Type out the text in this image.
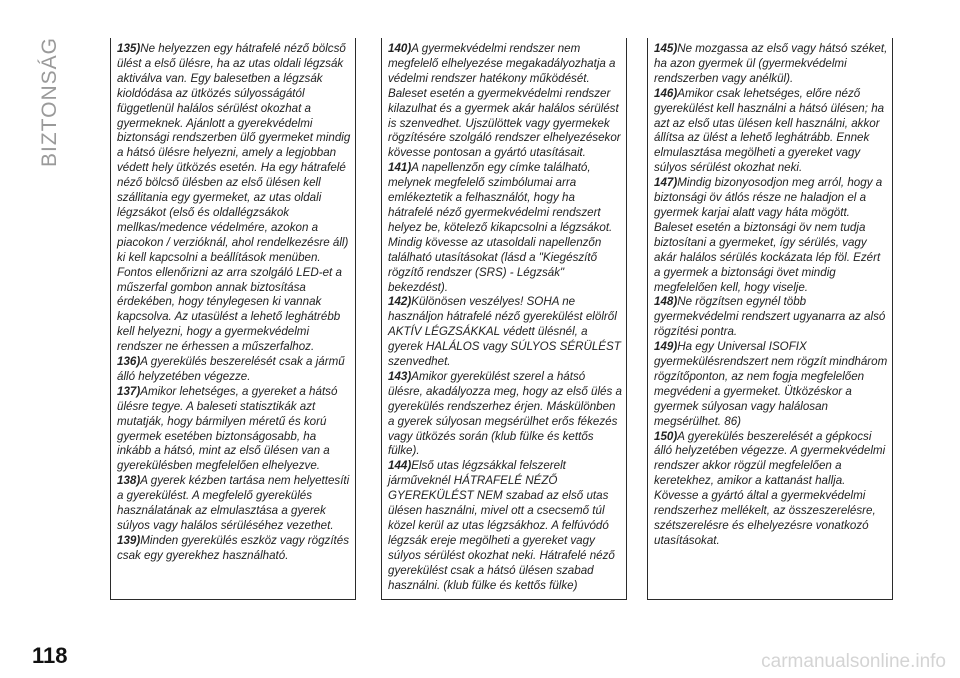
BIZTONSÁG	135)Ne helyezzen egy hátrafelé néző bölcső ülést a első ülésre, ha az utas oldali légzsák aktiválva van. Egy balesetben a légzsák kioldódása az ütközés súlyosságától függetlenül halálos sérülést okozhat a gyermeknek. Ajánlott a gyerekvédelmi biztonsági rendszerben ülő gyermeket mindig a hátsó ülésre helyezni, amely a legjobban védett hely ütközés esetén. Ha egy hátrafelé néző bölcső ülésben az első ülésen kell szállitania egy gyermeket, az utas oldali légzsákot (első és oldallégzsákok mellkas/medence védelmére, azokon a piacokon / verzióknál, ahol rendelkezésre áll) ki kell kapcsolni a beállítások menüben. Fontos ellenőrizni az arra szolgáló LED-et a műszerfal gombon annak biztosítása érdekében, hogy ténylegesen ki vannak kapcsolva. Az utasülést a lehető leghátrébb kell helyezni, hogy a gyermekvédelmi rendszer ne érhessen a műszerfalhoz.

136)A gyerekülés beszerelését csak a jármű álló helyzetében végezze.

137)Amikor lehetséges, a gyereket a hátsó ülésre tegye. A baleseti statisztikák azt mutatják, hogy bármilyen méretű és korú gyermek esetében biztonságosabb, ha inkább a hátsó, mint az első ülésen van a gyerekülésben megfelelően elhelyezve.

138)A gyerek kézben tartása nem helyettesíti a gyerekülést. A megfelelő gyerekülés használatának az elmulasztása a gyerek súlyos vagy halálos sérüléséhez vezethet.

139)Minden gyerekülés eszköz vagy rögzítés csak egy gyerekhez használható.

140)A gyermekvédelmi rendszer nem megfelelő elhelyezése megakadályozhatja a védelmi rendszer hatékony működését. Baleset esetén a gyermekvédelmi rendszer kilazulhat és a gyermek akár halálos sérülést is szenvedhet. Ujszülöttek vagy gyermekek rögzítésére szolgáló rendszer elhelyezésekor kövesse pontosan a gyártó utasításait.

141)A napellenzőn egy címke található, melynek megfelelő szimbólumai arra emlékeztetik a felhasználót, hogy ha hátrafelé néző gyermekvédelmi rendszert helyez be, kötelező kikapcsolni a légzsákot. Mindig kövesse az utasoldali napellenzőn található utasításokat (lásd a "Kiegészítő rögzítő rendszer (SRS) - Légzsák" bekezdést).

142)Különösen veszélyes! SOHA ne használjon hátrafelé néző gyerekülést elölről AKTÍV LÉGZSÁKKAL védett ülésnél, a gyerek HALÁLOS vagy SÚLYOS SÉRÜLÉST szenvedhet.

143)Amikor gyerekülést szerel a hátsó ülésre, akadályozza meg, hogy az első ülés a gyerekülés rendszerhez érjen. Máskülönben a gyerek súlyosan megsérülhet erős fékezés vagy ütközés során (klub fülke és kettős fülke).

144)Első utas légzsákkal felszerelt járműveknél HÁTRAFELÉ NÉZŐ GYEREKÜLÉST NEM szabad az első utas ülésen használni, mivel ott a csecsemő túl közel kerül az utas légzsákhoz. A felfúvódó légzsák ereje megölheti a gyereket vagy súlyos sérülést okozhat neki. Hátrafelé néző gyerekülést csak a hátsó ülésen szabad használni. (klub fülke és kettős fülke)

145)Ne mozgassa az első vagy hátsó széket, ha azon gyermek ül (gyermekvédelmi rendszerben vagy anélkül).

146)Amikor csak lehetséges, előre néző gyerekülést kell használni a hátsó ülésen; ha azt az első utas ülésen kell használni, akkor állítsa az ülést a lehető leghátrább. Ennek elmulasztása megölheti a gyereket vagy súlyos sérülést okozhat neki.

147)Mindig bizonyosodjon meg arról, hogy a biztonsági öv átlós része ne haladjon el a gyermek karjai alatt vagy háta mögött. Baleset esetén a biztonsági öv nem tudja biztosítani a gyermeket, így sérülés, vagy akár halálos sérülés kockázata lép föl. Ezért a gyermek a biztonsági övet mindig megfelelően kell, hogy viselje.

148)Ne rögzítsen egynél több gyermekvédelmi rendszert ugyanarra az alsó rögzítési pontra.

149)Ha egy Universal ISOFIX gyermekülésrendszert nem rögzít mindhárom rögzítőponton, az nem fogja megfelelően megvédeni a gyermeket. Ütközéskor a gyermek súlyosan vagy halálosan megsérülhet. 86)

150)A gyerekülés beszerelését a gépkocsi álló helyzetében végezze. A gyermekvédelmi rendszer akkor rögzül megfelelően a keretekhez, amikor a kattanást hallja. Kövesse a gyártó által a gyermekvédelmi rendszerhez mellékelt, az összeszerelésre, szétszerelésre és elhelyezésre vonatkozó utasításokat.

118	carmanualsonline.info
